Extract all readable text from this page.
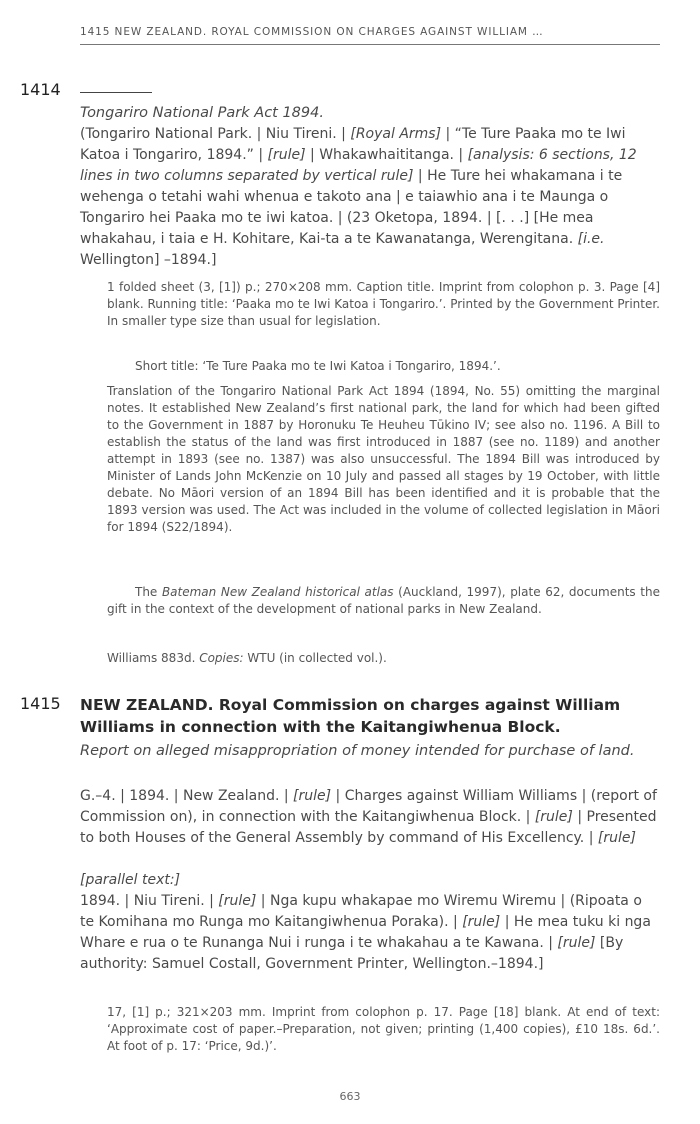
1415 NEW ZEALAND. ROYAL COMMISSION ON CHARGES AGAINST WILLIAM …
1414

Tongariro National Park Act 1894.

(Tongariro National Park. | Niu Tireni. | [Royal Arms] | “Te Ture Paaka mo te Iwi Katoa i Tongariro, 1894.” | [rule] | Whakawhaititanga. | [analysis: 6 sections, 12 lines in two columns separated by vertical rule] | He Ture hei whakamana i te wehenga o tetahi wahi whenua e takoto ana | e taiawhio ana i te Maunga o Tongariro hei Paaka mo te iwi katoa. | (23 Oketopa, 1894. | [. . .] [He mea whakahau, i taia e H. Kohitare, Kai-ta a te Kawanatanga, Werengitana. [i.e. Wellington] –1894.]

1 folded sheet (3, [1]) p.; 270×208 mm. Caption title. Imprint from colophon p. 3. Page [4] blank. Running title: ‘Paaka mo te Iwi Katoa i Tongariro.’. Printed by the Government Printer. In smaller type size than usual for legislation.

Short title: ‘Te Ture Paaka mo te Iwi Katoa i Tongariro, 1894.’.

Translation of the Tongariro National Park Act 1894 (1894, No. 55) omitting the marginal notes. It established New Zealand’s first national park, the land for which had been gifted to the Government in 1887 by Horonuku Te Heuheu Tūkino IV; see also no. 1196. A Bill to establish the status of the land was first introduced in 1887 (see no. 1189) and another attempt in 1893 (see no. 1387) was also unsuccessful. The 1894 Bill was introduced by Minister of Lands John McKenzie on 10 July and passed all stages by 19 October, with little debate. No Māori version of an 1894 Bill has been identified and it is probable that the 1893 version was used. The Act was included in the volume of collected legislation in Māori for 1894 (S22/1894).

The Bateman New Zealand historical atlas (Auckland, 1997), plate 62, documents the gift in the context of the development of national parks in New Zealand.

Williams 883d. Copies: WTU (in collected vol.).

1415 NEW ZEALAND. Royal Commission on charges against William Williams in connection with the Kaitangiwhenua Block.

Report on alleged misappropriation of money intended for purchase of land.

G.–4. | 1894. | New Zealand. | [rule] | Charges against William Williams | (report of Commission on), in connection with the Kaitangiwhenua Block. | [rule] | Presented to both Houses of the General Assembly by command of His Excellency. | [rule]

[parallel text:]

1894. | Niu Tireni. | [rule] | Nga kupu whakapae mo Wiremu Wiremu | (Ripoata o te Komihana mo Runga mo Kaitangiwhenua Poraka). | [rule] | He mea tuku ki nga Whare e rua o te Runanga Nui i runga i te whakahau a te Kawana. | [rule] [By authority: Samuel Costall, Government Printer, Wellington.–1894.]

17, [1] p.; 321×203 mm. Imprint from colophon p. 17. Page [18] blank. At end of text: ‘Approximate cost of paper.–Preparation, not given; printing (1,400 copies), £10 18s. 6d.’. At foot of p. 17: ‘Price, 9d.)’.

663
